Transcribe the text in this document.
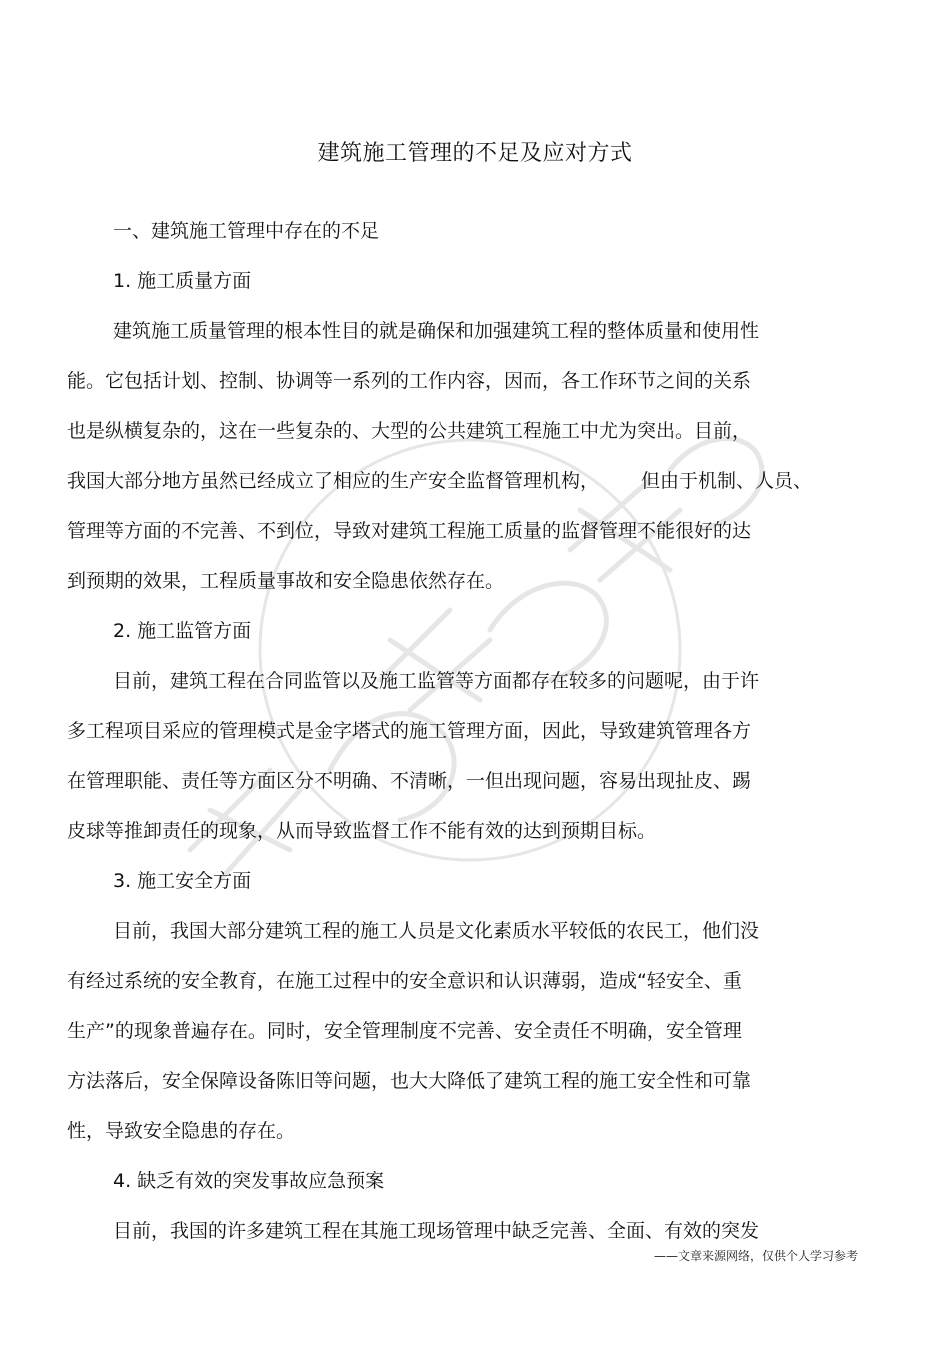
建筑施工管理的不足及应对方式

一、建筑施工管理中存在的不足

1. 施工质量方面

建筑施工质量管理的根本性目的就是确保和加强建筑工程的整体质量和使用性

能。它包括计划、控制、协调等一系列的工作内容，因而，各工作环节之间的关系

也是纵横复杂的，这在一些复杂的、大型的公共建筑工程施工中尤为突出。目前，

我国大部分地方虽然已经成立了相应的生产安全监督管理机构， 但由于机制、人员、

管理等方面的不完善、不到位，导致对建筑工程施工质量的监督管理不能很好的达

到预期的效果，工程质量事故和安全隐患依然存在。

2. 施工监管方面

目前，建筑工程在合同监管以及施工监管等方面都存在较多的问题呢，由于许

多工程项目采应的管理模式是金字塔式的施工管理方面，因此，导致建筑管理各方

在管理职能、责任等方面区分不明确、不清晰，一但出现问题，容易出现扯皮、踢

皮球等推卸责任的现象，从而导致监督工作不能有效的达到预期目标。

3. 施工安全方面

目前，我国大部分建筑工程的施工人员是文化素质水平较低的农民工，他们没

有经过系统的安全教育，在施工过程中的安全意识和认识薄弱，造成“轻安全、重

生产”的现象普遍存在。同时，安全管理制度不完善、安全责任不明确，安全管理

方法落后，安全保障设备陈旧等问题，也大大降低了建筑工程的施工安全性和可靠

性，导致安全隐患的存在。

4. 缺乏有效的突发事故应急预案

目前，我国的许多建筑工程在其施工现场管理中缺乏完善、全面、有效的突发

——文章来源网络，仅供个人学习参考
